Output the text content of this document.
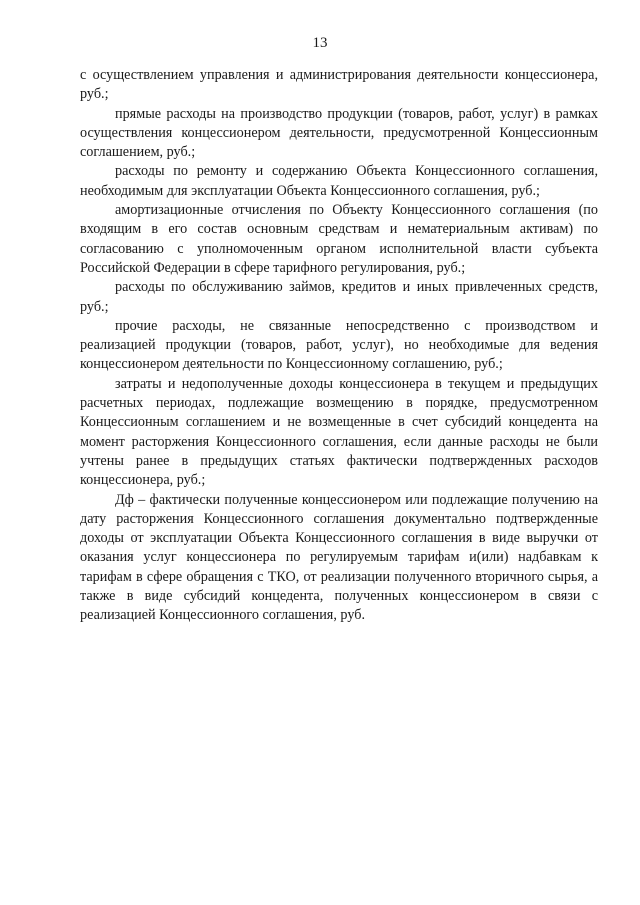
13

с осуществлением управления и администрирования деятельности концессионера, руб.;

прямые расходы на производство продукции (товаров, работ, услуг) в рамках осуществления концессионером деятельности, предусмотренной Концессионным соглашением, руб.;

расходы по ремонту и содержанию Объекта Концессионного соглашения, необходимым для эксплуатации Объекта Концессионного соглашения, руб.;

амортизационные отчисления по Объекту Концессионного соглашения (по входящим в его состав основным средствам и нематериальным активам) по согласованию с уполномоченным органом исполнительной власти субъекта Российской Федерации в сфере тарифного регулирования, руб.;

расходы по обслуживанию займов, кредитов и иных привлеченных средств, руб.;

прочие расходы, не связанные непосредственно с производством и реализацией продукции (товаров, работ, услуг), но необходимые для ведения концессионером деятельности по Концессионному соглашению, руб.;

затраты и недополученные доходы концессионера в текущем и предыдущих расчетных периодах, подлежащие возмещению в порядке, предусмотренном Концессионным соглашением и не возмещенные в счет субсидий концедента на момент расторжения Концессионного соглашения, если данные расходы не были учтены ранее в предыдущих статьях фактически подтвержденных расходов концессионера, руб.;

Дф – фактически полученные концессионером или подлежащие получению на дату расторжения Концессионного соглашения документально подтвержденные доходы от эксплуатации Объекта Концессионного соглашения в виде выручки от оказания услуг концессионера по регулируемым тарифам и(или) надбавкам к тарифам в сфере обращения с ТКО, от реализации полученного вторичного сырья, а также в виде субсидий концедента, полученных концессионером в связи с реализацией Концессионного соглашения, руб.
